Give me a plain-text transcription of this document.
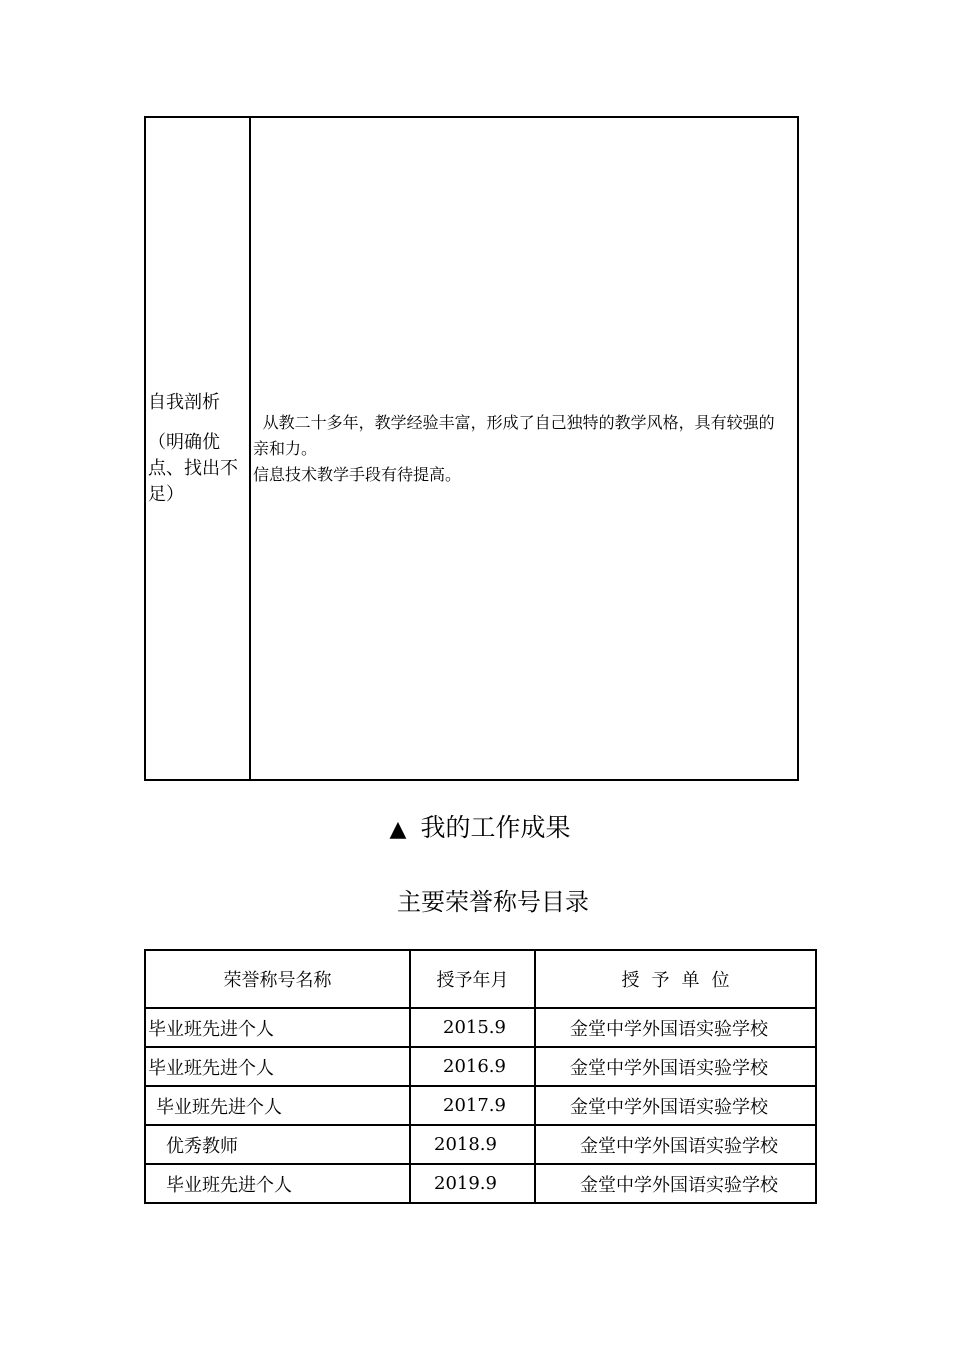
自我剖析
（明确优点、找出不足）

从教二十多年，教学经验丰富，形成了自己独特的教学风格，具有较强的亲和力。

信息技术教学手段有待提高。

▲ 我的工作成果
主要荣誉称号目录
荣誉称号名称	授予年月	授予单位
毕业班先进个人	2015.9	金堂中学外国语实验学校
毕业班先进个人	2016.9	金堂中学外国语实验学校
毕业班先进个人	2017.9	金堂中学外国语实验学校
优秀教师	2018.9	金堂中学外国语实验学校
毕业班先进个人	2019.9	金堂中学外国语实验学校
